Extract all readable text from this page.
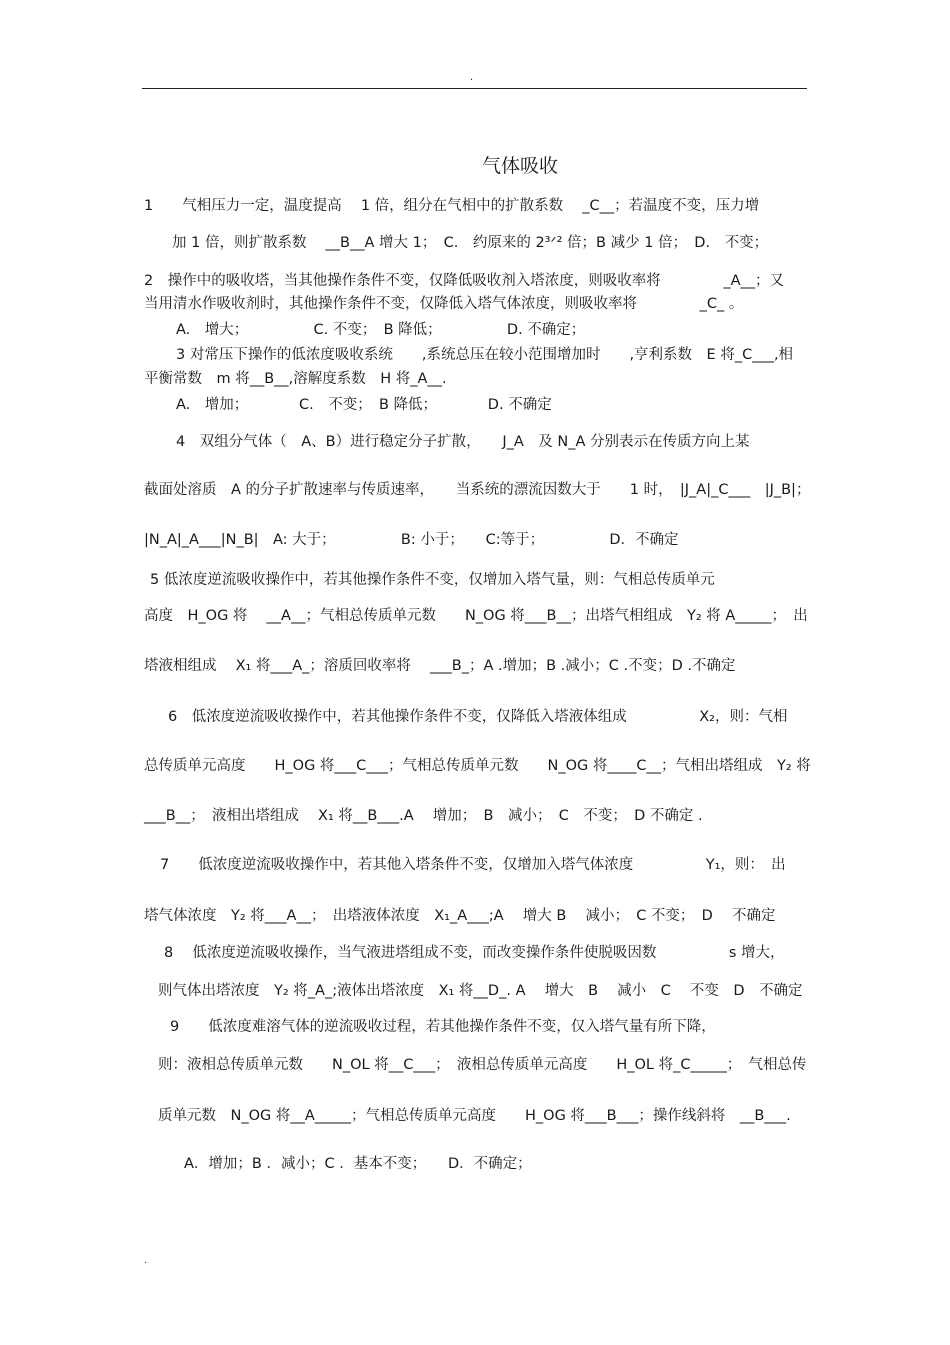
.
气体吸收
1　　气相压力一定，温度提高　 1 倍，组分在气相中的扩散系数　 _C__；若温度不变，压力增
加 1 倍，则扩散系数　 __B__A 增大 1；　C.　约原来的 2³ᐟ² 倍；B 减少 1 倍；　D.　不变；
2　操作中的吸收塔，当其他操作条件不变，仅降低吸收剂入塔浓度，则吸收率将　　　　 _A__；又
当用清水作吸收剂时，其他操作条件不变，仅降低入塔气体浓度，则吸收率将　　　　 _C_ 。
A.　增大；　　　　　C. 不变；　B 降低；　　　　　D. 不确定；
3 对常压下操作的低浓度吸收系统　　,系统总压在较小范围增加时　　,亨利系数　E 将_C___,相
平衡常数　m 将__B__,溶解度系数　H 将_A__.
A.　增加；　　　　C.　不变；　B 降低；　　　　D. 不确定
4　双组分气体（　A、B）进行稳定分子扩散，　　J_A　及 N_A 分别表示在传质方向上某
截面处溶质　A 的分子扩散速率与传质速率，　　当系统的漂流因数大于　　1 时，　|J_A|_C___　|J_B|；
|N_A|_A___|N_B|　A: 大于；　　　　　B: 小于；　　C:等于；　　　　　D．不确定
5 低浓度逆流吸收操作中，若其他操作条件不变，仅增加入塔气量，则：气相总传质单元
高度　H_OG 将　 __A__；气相总传质单元数　　N_OG 将___B__；出塔气相组成　Y₂ 将 A_____；　出
塔液相组成　 X₁ 将___A_；溶质回收率将　 ___B_；A .增加；B .减小；C .不变；D .不确定
6　低浓度逆流吸收操作中，若其他操作条件不变，仅降低入塔液体组成　　　　　X₂，则：气相
总传质单元高度　　H_OG 将___C___；气相总传质单元数　　N_OG 将____C__；气相出塔组成　Y₂ 将
___B__；　液相出塔组成　 X₁ 将__B___.A　 增加；　B　减小；　C　不变；　D 不确定 .
7　　低浓度逆流吸收操作中，若其他入塔条件不变，仅增加入塔气体浓度　　　　　Y₁，则：　出
塔气体浓度　Y₂ 将___A__；　出塔液体浓度　X₁_A___;A　 增大 B　 减小；　C 不变；　D　 不确定
8　 低浓度逆流吸收操作，当气液进塔组成不变，而改变操作条件使脱吸因数　　　　　s 增大，
则气体出塔浓度　Y₂ 将_A_;液体出塔浓度　X₁ 将__D_. A　 增大　B　 减小　C　 不变　D　不确定
9　　低浓度难溶气体的逆流吸收过程，若其他操作条件不变，仅入塔气量有所下降，
则：液相总传质单元数　　N_OL 将__C___；　液相总传质单元高度　　H_OL 将_C_____；　气相总传
质单元数　N_OG 将__A_____；气相总传质单元高度　　H_OG 将___B___；操作线斜将　__B___.
A．增加；B ．减小；C ．基本不变；　　D．不确定；
.
